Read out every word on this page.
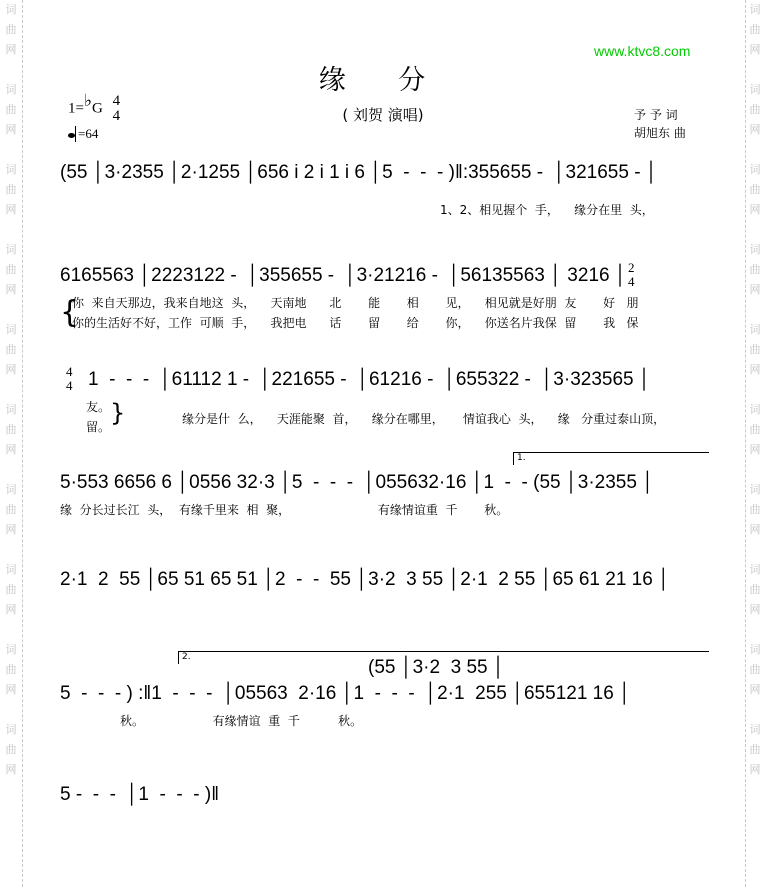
词
曲
网
词
曲
网
词
曲
网
词
曲
网
词
曲
网
词
曲
网
词
曲
网
词
曲
网
词
曲
网
词
曲
网
词
曲
网
词
曲
网
词
曲
网
词
曲
网
词
曲
网
词
曲
网
词
曲
网
词
曲
网
词
曲
网
词
曲
网
www.ktvc8.com
缘 分
( 刘贺 演唱)	予 予 词
胡旭东 曲
1=♭G 4
4
=64
(55 │3·2355 │2·1255 │656 i 2 i 1 i 6 │5  -  -  - )‖:355655 -  │321655 - │
1、2、相见握个  手，    缘分在里  头，
6165563 │2223122 -  │355655 -  │3·21216 -  │56135563 │ 3216 │ 2
4
你  来自天那边，我来自地这  头，    天南地      北       能       相       见，    相见就是好朋  友       好   朋
你的生活好不好，工作  可顺  手，    我把电      话       留       给       你，    你送名片我保  留       我   保
{
4
4 1  -  -  -  │61112 1 -  │221655 -  │61216 -  │655322 -  │3·323565 │
友。
留。 }	缘分是什  么，    天涯能聚  首，    缘分在哪里，     情谊我心  头，    缘   分重过泰山顶，
1.
5·553 6656 6 │0556 32·3 │5  -  -  -  │055632·16 │1  -  - (55 │3·2355 │
缘  分长过长江  头，  有缘千里来  相  聚，                       有缘情谊重  千       秋。
2·1  2  55 │65 51 65 51 │2  -  -  55 │3·2  3 55 │2·1  2 55 │65 61 21 16 │
2.	(55 │3·2  3 55 │
5  -  -  - ) :‖1  -  -  -  │05563  2·16 │1  -  -  -  │2·1  255 │655121 16 │
秋。                  有缘情谊  重  千          秋。
5 -  -  -  │1  -  -  - )‖
